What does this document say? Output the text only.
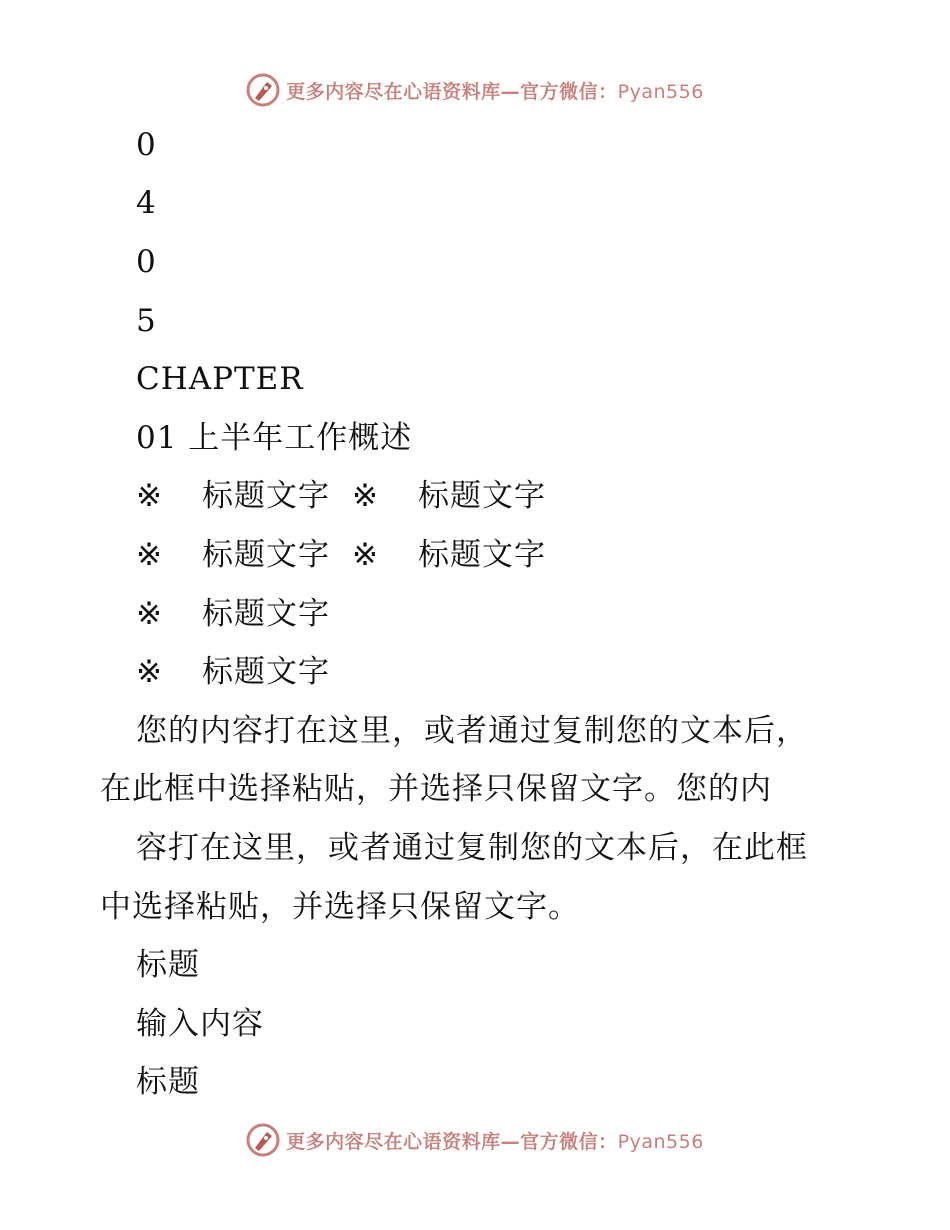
更多内容尽在心语资料库—官方微信：Pyan556
0
4
0
5
CHAPTER
01 上半年工作概述
※ 标题文字 ※ 标题文字
※ 标题文字 ※ 标题文字
※ 标题文字
※ 标题文字
您的内容打在这里，或者通过复制您的文本后，
在此框中选择粘贴，并选择只保留文字。您的内
容打在这里，或者通过复制您的文本后，在此框
中选择粘贴，并选择只保留文字。
标题
输入内容
标题
更多内容尽在心语资料库—官方微信：Pyan556
